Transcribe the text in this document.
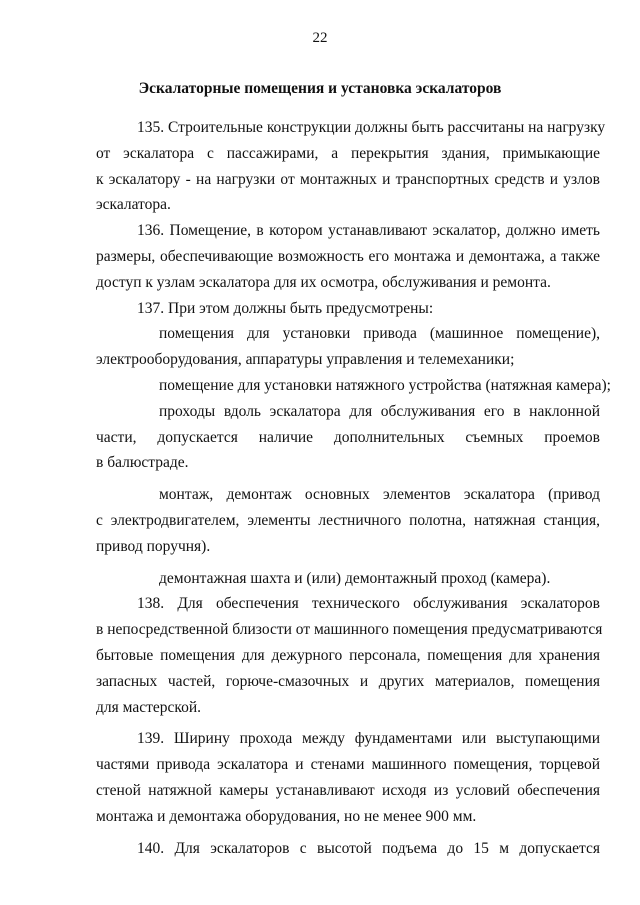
22
Эскалаторные помещения и установка эскалаторов
135. Строительные конструкции должны быть рассчитаны на нагрузку
от эскалатора с пассажирами, а перекрытия здания, примыкающие
к эскалатору - на нагрузки от монтажных и транспортных средств и узлов
эскалатора.
136. Помещение, в котором устанавливают эскалатор, должно иметь
размеры, обеспечивающие возможность его монтажа и демонтажа, а также
доступ к узлам эскалатора для их осмотра, обслуживания и ремонта.
137. При этом должны быть предусмотрены:
помещения для установки привода (машинное помещение),
электрооборудования, аппаратуры управления и телемеханики;
помещение для установки натяжного устройства (натяжная камера);
проходы вдоль эскалатора для обслуживания его в наклонной
части, допускается наличие дополнительных съемных проемов
в балюстраде.
монтаж, демонтаж основных элементов эскалатора (привод
с электродвигателем, элементы лестничного полотна, натяжная станция,
привод поручня).
демонтажная шахта и (или) демонтажный проход (камера).
138. Для обеспечения технического обслуживания эскалаторов
в непосредственной близости от машинного помещения предусматриваются
бытовые помещения для дежурного персонала, помещения для хранения
запасных частей, горюче-смазочных и других материалов, помещения
для мастерской.
139. Ширину прохода между фундаментами или выступающими
частями привода эскалатора и стенами машинного помещения, торцевой
стеной натяжной камеры устанавливают исходя из условий обеспечения
монтажа и демонтажа оборудования, но не менее 900 мм.
140. Для эскалаторов с высотой подъема до 15 м допускается
